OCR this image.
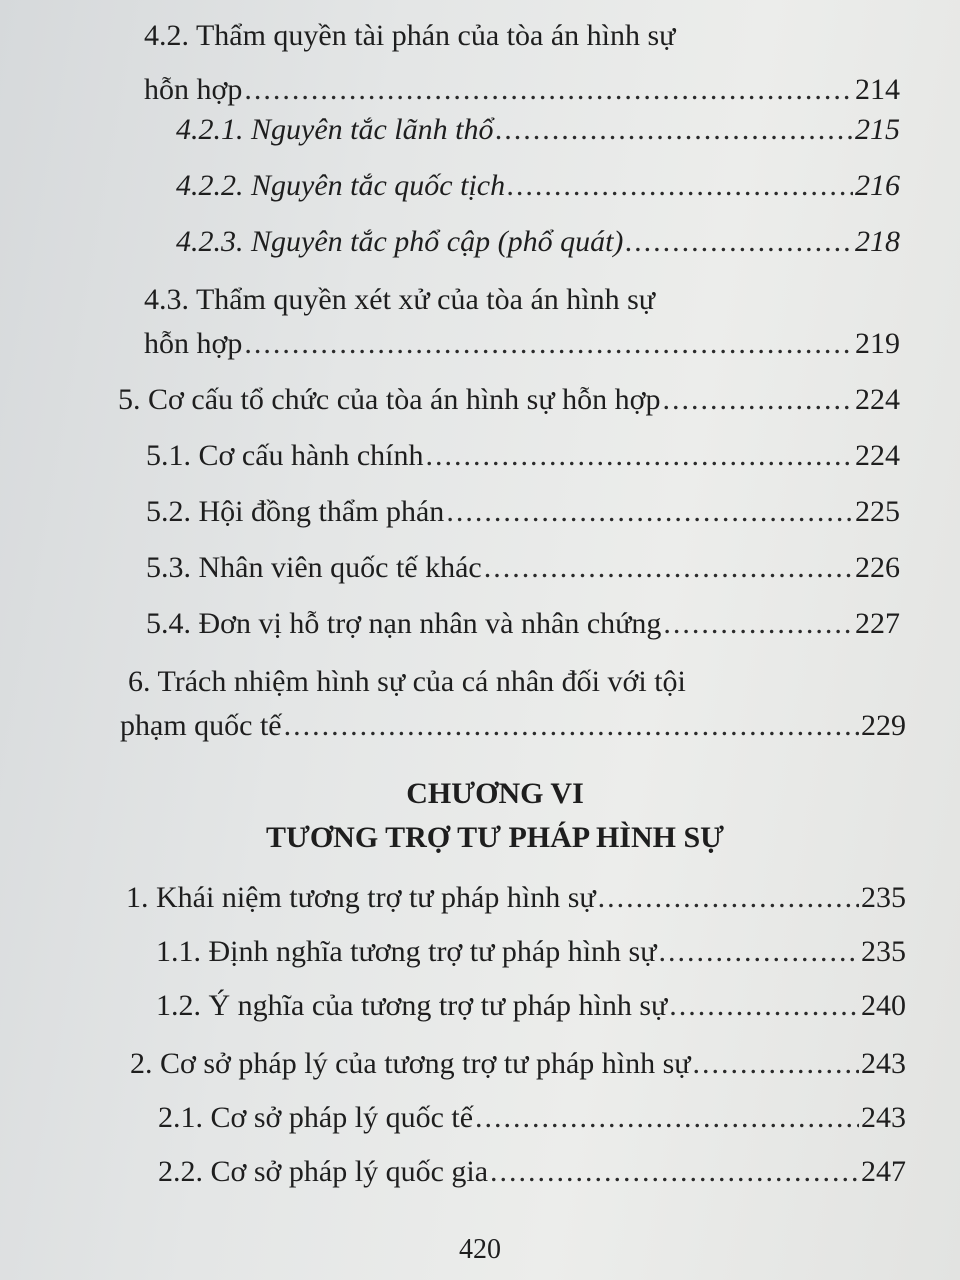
4.2. Thẩm quyền tài phán của tòa án hình sự
hỗn hợp .....	214
4.2.1. Nguyên tắc lãnh thổ .....	215
4.2.2. Nguyên tắc quốc tịch .....	216
4.2.3. Nguyên tắc phổ cập (phổ quát) .....	218
4.3. Thẩm quyền xét xử của tòa án hình sự
hỗn hợp .....	219
5. Cơ cấu tổ chức của tòa án hình sự hỗn hợp .....	224
5.1. Cơ cấu hành chính .....	224
5.2. Hội đồng thẩm phán .....	225
5.3. Nhân viên quốc tế khác .....	226
5.4. Đơn vị hỗ trợ nạn nhân và nhân chứng .....	227
6. Trách nhiệm hình sự của cá nhân đối với tội
phạm quốc tế .....	229
CHƯƠNG VI
TƯƠNG TRỢ TƯ PHÁP HÌNH SỰ
1. Khái niệm tương trợ tư pháp hình sự .....	235
1.1. Định nghĩa tương trợ tư pháp hình sự .....	235
1.2. Ý nghĩa của tương trợ tư pháp hình sự .....	240
2. Cơ sở pháp lý của tương trợ tư pháp hình sự .....	243
2.1. Cơ sở pháp lý quốc tế .....	243
2.2. Cơ sở pháp lý quốc gia .....	247
420
